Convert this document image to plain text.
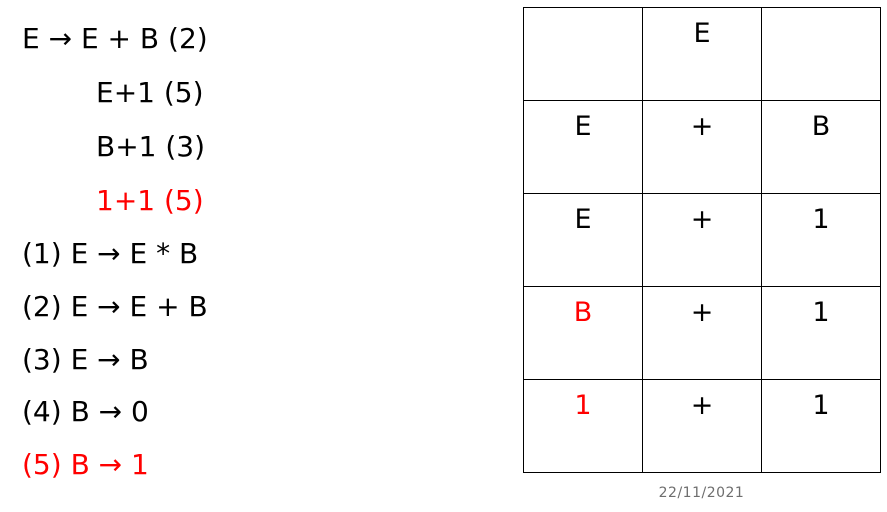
E → E + B (2)
E+1 (5)
B+1 (3)
1+1 (5)
(1) E → E * B
(2) E → E + B
(3) E → B
(4) B → 0
(5) B → 1

	E	

E	+	B

E	+	1

B	+	1

1	+	1
22/11/2021
